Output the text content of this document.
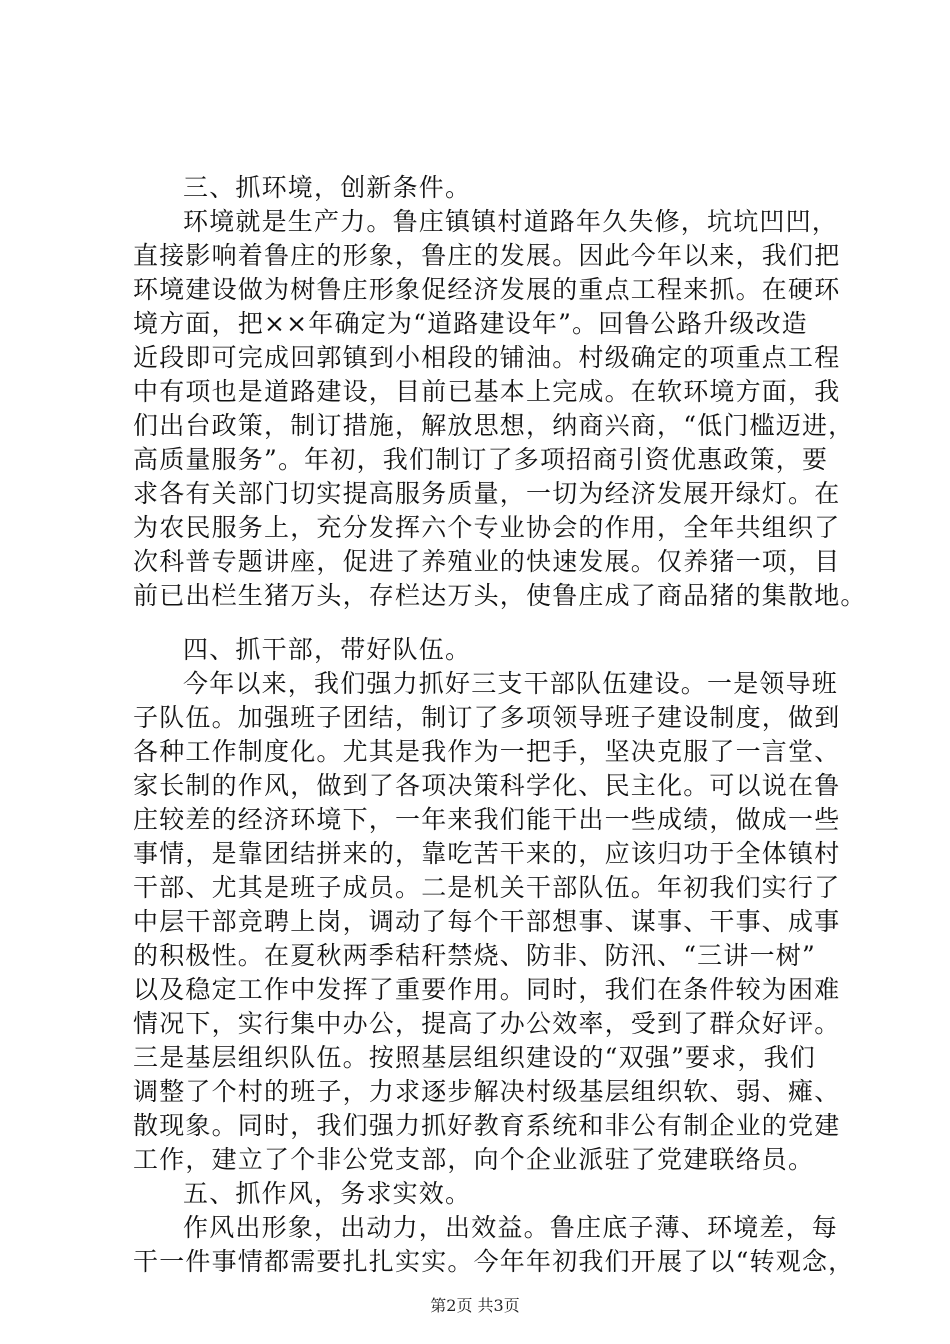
三、抓环境，创新条件。
环境就是生产力。鲁庄镇镇村道路年久失修，坑坑凹凹，
直接影响着鲁庄的形象，鲁庄的发展。因此今年以来，我们把
环境建设做为树鲁庄形象促经济发展的重点工程来抓。在硬环
境方面，把××年确定为“道路建设年”。回鲁公路升级改造
近段即可完成回郭镇到小相段的铺油。村级确定的项重点工程
中有项也是道路建设，目前已基本上完成。在软环境方面，我
们出台政策，制订措施，解放思想，纳商兴商，“低门槛迈进，
高质量服务”。年初，我们制订了多项招商引资优惠政策，要
求各有关部门切实提高服务质量，一切为经济发展开绿灯。在
为农民服务上，充分发挥六个专业协会的作用，全年共组织了
次科普专题讲座，促进了养殖业的快速发展。仅养猪一项，目
前已出栏生猪万头，存栏达万头，使鲁庄成了商品猪的集散地。
四、抓干部，带好队伍。
今年以来，我们强力抓好三支干部队伍建设。一是领导班
子队伍。加强班子团结，制订了多项领导班子建设制度，做到
各种工作制度化。尤其是我作为一把手，坚决克服了一言堂、
家长制的作风，做到了各项决策科学化、民主化。可以说在鲁
庄较差的经济环境下，一年来我们能干出一些成绩，做成一些
事情，是靠团结拼来的，靠吃苦干来的，应该归功于全体镇村
干部、尤其是班子成员。二是机关干部队伍。年初我们实行了
中层干部竞聘上岗，调动了每个干部想事、谋事、干事、成事
的积极性。在夏秋两季秸秆禁烧、防非、防汛、“三讲一树”
以及稳定工作中发挥了重要作用。同时，我们在条件较为困难
情况下，实行集中办公，提高了办公效率，受到了群众好评。
三是基层组织队伍。按照基层组织建设的“双强”要求，我们
调整了个村的班子，力求逐步解决村级基层组织软、弱、瘫、
散现象。同时，我们强力抓好教育系统和非公有制企业的党建
工作，建立了个非公党支部，向个企业派驻了党建联络员。
五、抓作风，务求实效。
作风出形象，出动力，出效益。鲁庄底子薄、环境差，每
干一件事情都需要扎扎实实。今年年初我们开展了以“转观念，
第2页 共3页
